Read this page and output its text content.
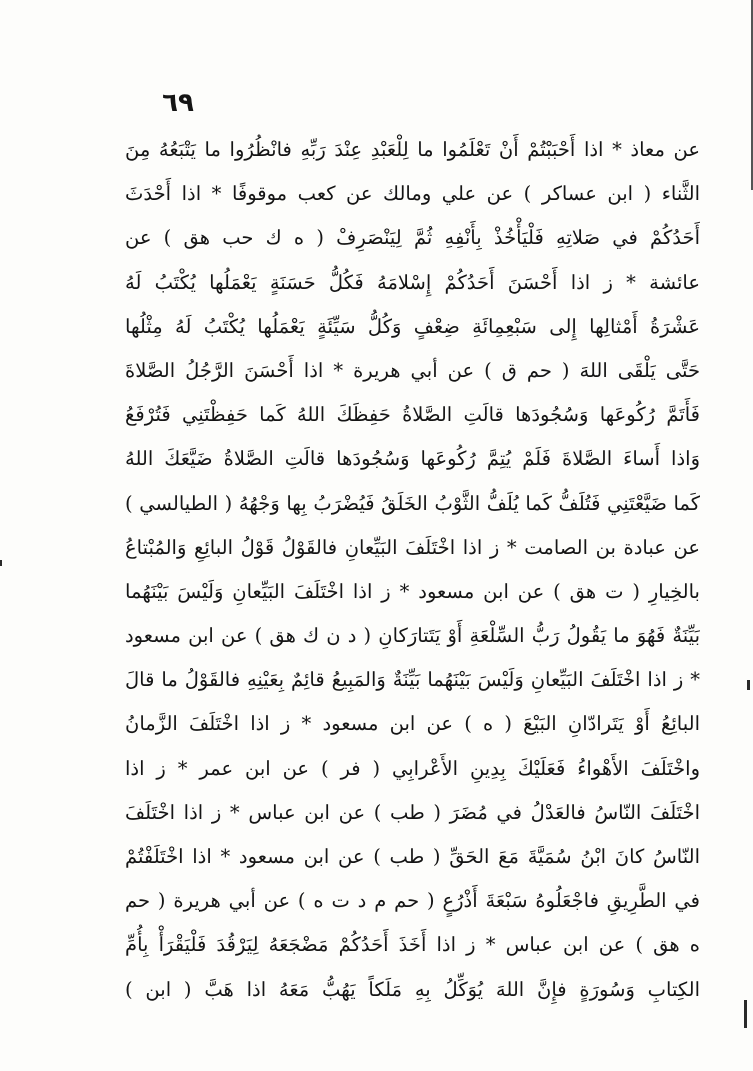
٦٩
عن معاذ * اذا أَحْبَبْتُمْ أَنْ تَعْلَمُوا ما لِلْعَبْدِ عِنْدَ رَبِّهِ فانْظُرُوا ما يَتْبَعُهُ مِنَ
الثَّناء ( ابن عساكر ) عن علي ومالك عن كعب موقوفًا * اذا أَحْدَثَ
أَحَدُكُمْ في صَلاتِهِ فَلْيَأْخُذْ بِأَنْفِهِ ثُمَّ لِيَنْصَرِفْ ( ه ك حب هق ) عن
عائشة * ز اذا أَحْسَنَ أَحَدُكُمْ إِسْلامَهُ فَكُلُّ حَسَنَةٍ يَعْمَلُها يُكْتَبُ لَهُ
عَشْرَةُ أَمْثالِها إِلى سَبْعِمِائَةِ ضِعْفٍ وَكُلُّ سَيِّئَةٍ يَعْمَلُها يُكْتَبُ لَهُ مِثْلُها
حَتَّى يَلْقَى اللهَ ( حم ق ) عن أبي هريرة * اذا أَحْسَنَ الرَّجُلُ الصَّلاةَ
فَأَتَمَّ رُكُوعَها وَسُجُودَها قالَتِ الصَّلاةُ حَفِظَكَ اللهُ كَما حَفِظْتَنِي فَتُرْفَعُ
وَاذا أَساءَ الصَّلاةَ فَلَمْ يُتِمَّ رُكُوعَها وَسُجُودَها قالَتِ الصَّلاةُ ضَيَّعَكَ اللهُ
كَما ضَيَّعْتَنِي فَتُلَفُّ كَما يُلَفُّ الثَّوْبُ الخَلَقُ فَيُضْرَبُ بِها وَجْهُهُ ( الطيالسي )
عن عبادة بن الصامت * ز اذا اخْتَلَفَ البَيِّعانِ فالقَوْلُ قَوْلُ البائِعِ وَالمُبْتاعُ
بالخِيارِ ( ت هق ) عن ابن مسعود * ز اذا اخْتَلَفَ البَيِّعانِ وَلَيْسَ بَيْنَهُما
بَيِّنَةٌ فَهُوَ ما يَقُولُ رَبُّ السِّلْعَةِ أَوْ يَتَتارَكانِ ( د ن ك هق ) عن ابن مسعود
* ز اذا اخْتَلَفَ البَيِّعانِ وَلَيْسَ بَيْنَهُما بَيِّنَةٌ وَالمَبِيعُ قائِمٌ بِعَيْنِهِ فالقَوْلُ ما قالَ
البائِعُ أَوْ يَتَرادّانِ البَيْعَ ( ه ) عن ابن مسعود * ز اذا اخْتَلَفَ الزَّمانُ
واخْتَلَفَ الأَهْواءُ فَعَلَيْكَ بِدِينِ الأَعْرابِي ( فر ) عن ابن عمر * ز اذا
اخْتَلَفَ النّاسُ فالعَدْلُ في مُضَرَ ( طب ) عن ابن عباس * ز اذا اخْتَلَفَ
النّاسُ كانَ ابْنُ سُمَيَّةَ مَعَ الحَقِّ ( طب ) عن ابن مسعود * اذا اخْتَلَفْتُمْ
في الطَّرِيقِ فاجْعَلُوهُ سَبْعَةَ أَذْرُعٍ ( حم م د ت ه ) عن أبي هريرة ( حم
ه هق ) عن ابن عباس * ز اذا أَخَذَ أَحَدُكُمْ مَضْجَعَهُ لِيَرْقُدَ فَلْيَقْرَأْ بِأُمِّ
الكِتابِ وَسُورَةٍ فإِنَّ اللهَ يُوَكِّلُ بِهِ مَلَكاً يَهُبُّ مَعَهُ اذا هَبَّ ( ابن )
